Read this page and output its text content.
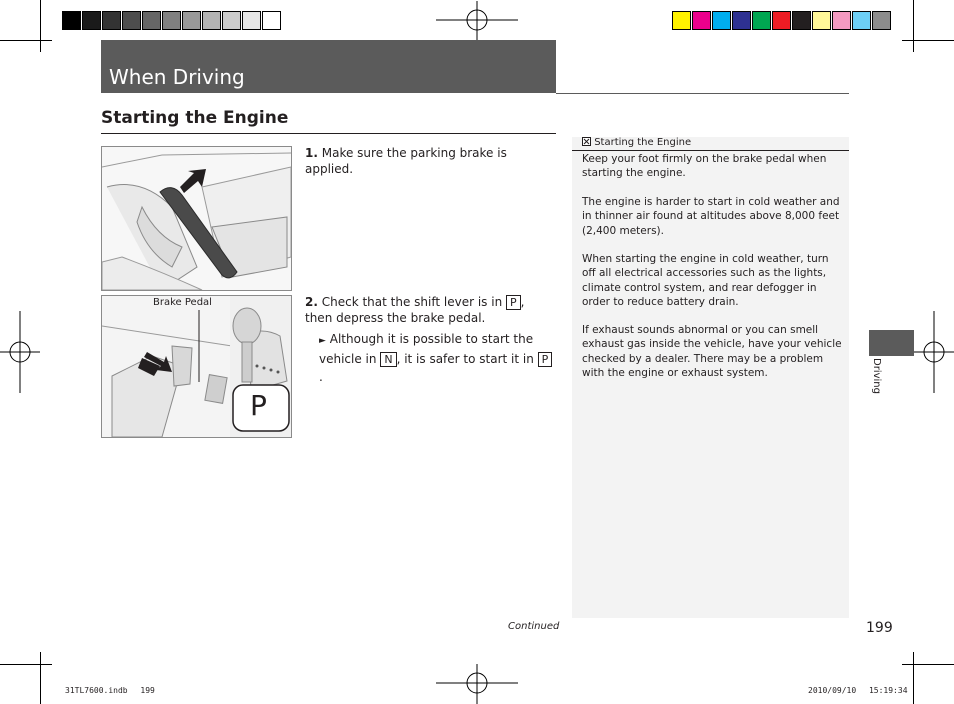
When Driving
Starting the Engine
Brake Pedal
P
1. Make sure the parking brake is applied.
2. Check that the shift lever is in P , then depress the brake pedal.
► Although it is possible to start the vehicle in N , it is safer to start it in P.
Starting the Engine
Keep your foot firmly on the brake pedal when starting the engine.
The engine is harder to start in cold weather and in thinner air found at altitudes above 8,000 feet (2,400 meters).
When starting the engine in cold weather, turn off all electrical accessories such as the lights, climate control system, and rear defogger in order to reduce battery drain.
If exhaust sounds abnormal or you can smell exhaust gas inside the vehicle, have your vehicle checked by a dealer. There may be a problem with the engine or exhaust system.	Driving
Continued	199
31TL7600.indb　 199	2010/09/10　 15:19:34
